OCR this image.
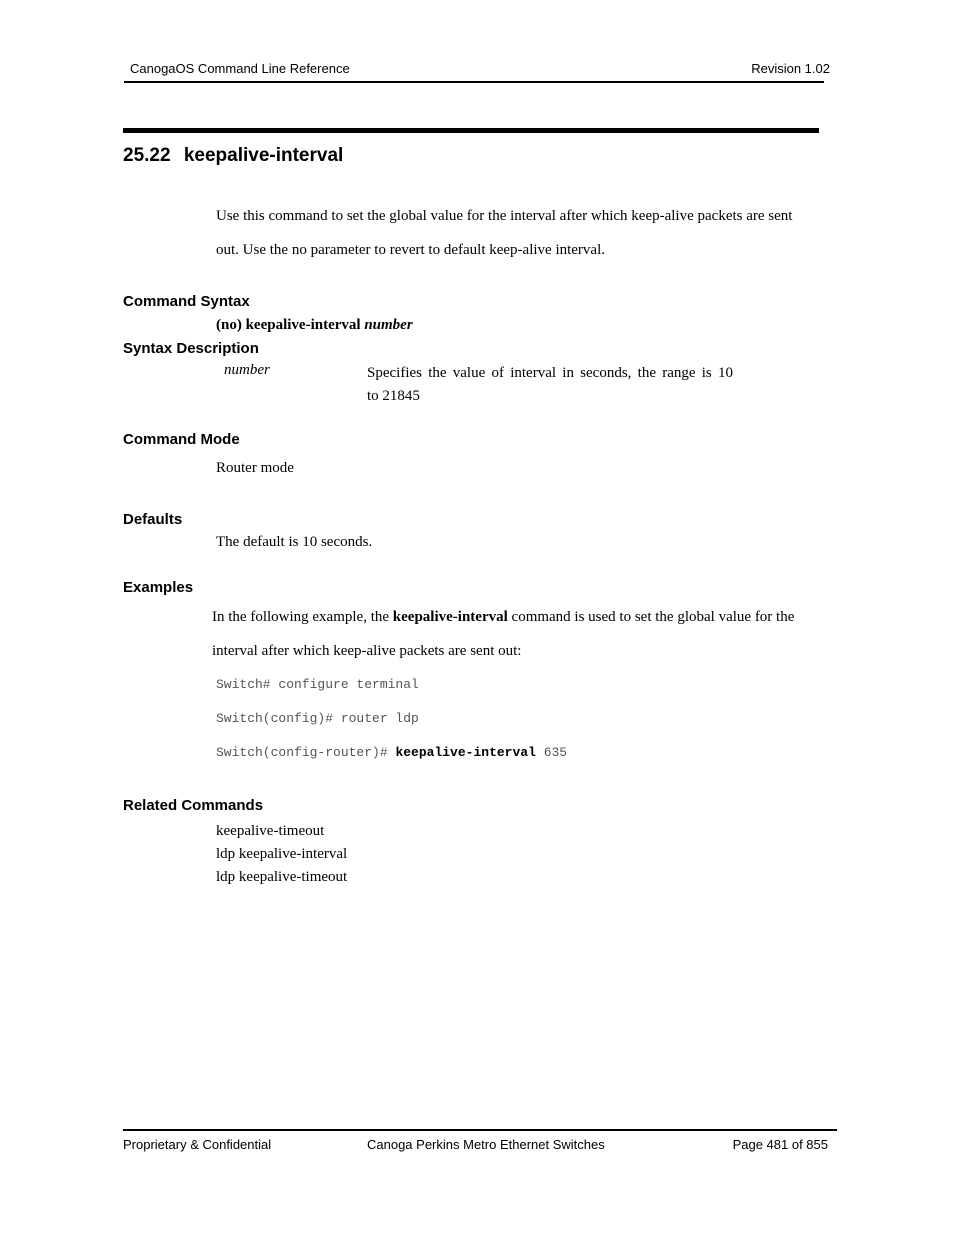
CanogaOS Command Line Reference	Revision 1.02
25.22 keepalive-interval
Use this command to set the global value for the interval after which keep-alive packets are sent
out. Use the no parameter to revert to default keep-alive interval.
Command Syntax
(no) keepalive-interval number
Syntax Description
number	Specifies the value of interval in seconds, the range is 10
to 21845
Command Mode
Router mode
Defaults
The default is 10 seconds.
Examples
In the following example, the keepalive-interval command is used to set the global value for the
interval after which keep-alive packets are sent out:
Switch# configure terminal
Switch(config)# router ldp
Switch(config-router)# keepalive-interval 635
Related Commands
keepalive-timeout
ldp keepalive-interval
ldp keepalive-timeout
Proprietary & Confidential	Canoga Perkins Metro Ethernet Switches	Page 481 of 855
